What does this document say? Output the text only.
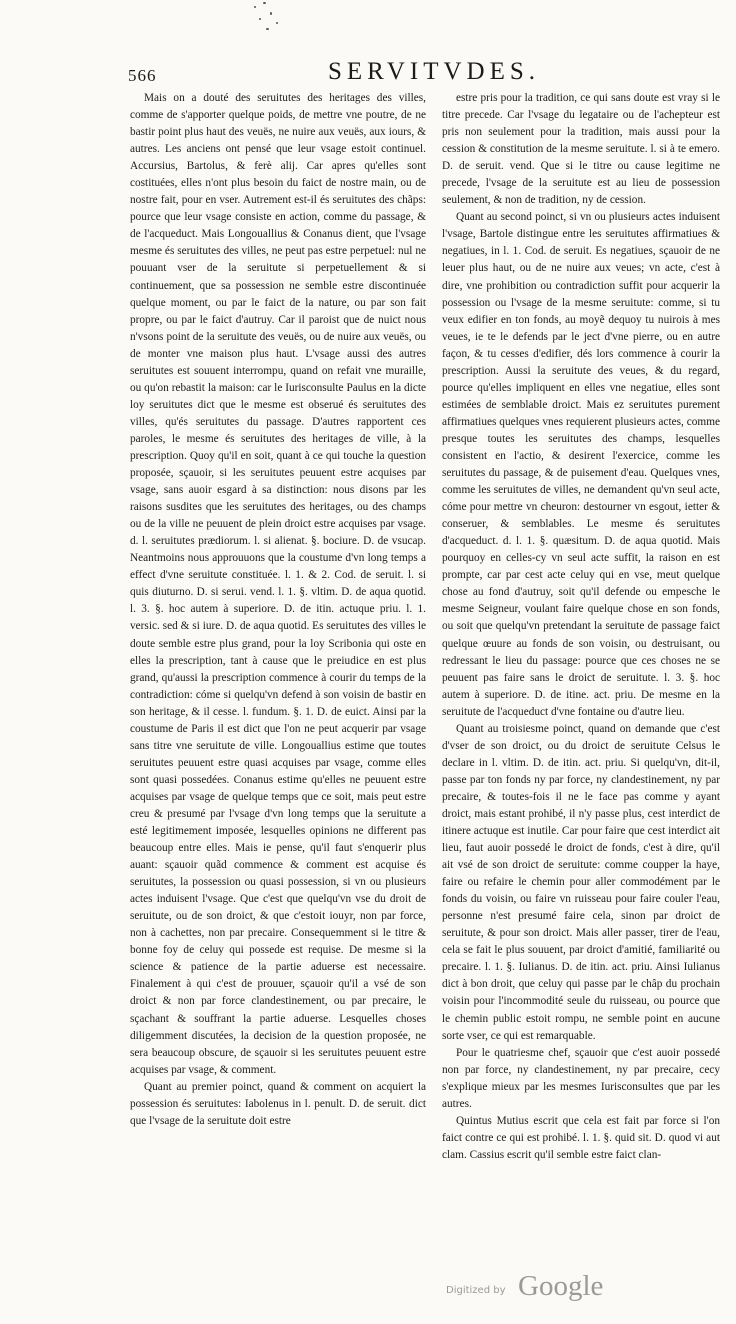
566	SERVITVDES.

Mais on a douté des seruitutes des heritages des villes, comme de s'apporter quelque poids, de mettre vne poutre, de ne bastir point plus haut des veuës, ne nuire aux veuës, aux iours, & autres. Les anciens ont pensé que leur vsage estoit continuel. Accursius, Bartolus, & ferè alij. Car apres qu'elles sont costituées, elles n'ont plus besoin du faict de nostre main, ou de nostre fait, pour en vser. Autrement est-il és seruitutes des chãps: pource que leur vsage consiste en action, comme du passage, & de l'acqueduct. Mais Longouallius & Conanus dient, que l'vsage mesme és seruitutes des villes, ne peut pas estre perpetuel: nul ne pouuant vser de la seruitute si perpetuellement & si continuement, que sa possession ne semble estre discontinuée quelque moment, ou par le faict de la nature, ou par son fait propre, ou par le faict d'autruy. Car il paroist que de nuict nous n'vsons point de la seruitute des veuës, ou de nuire aux veuës, ou de monter vne maison plus haut. L'vsage aussi des autres seruitutes est souuent interrompu, quand on refait vne muraille, ou qu'on rebastit la maison: car le Iurisconsulte Paulus en la dicte loy seruitutes dict que le mesme est obserué és seruitutes des villes, qu'és seruitutes du passage. D'autres rapportent ces paroles, le mesme és seruitutes des heritages de ville, à la prescription. Quoy qu'il en soit, quant à ce qui touche la question proposée, sçauoir, si les seruitutes peuuent estre acquises par vsage, sans auoir esgard à sa distinction: nous disons par les raisons susdites que les seruitutes des heritages, ou des champs ou de la ville ne peuuent de plein droict estre acquises par vsage. d. l. seruitutes prædiorum. l. si alienat. §. bociure. D. de vsucap. Neantmoins nous approuuons que la coustume d'vn long temps a effect d'vne seruitute constituée. l. 1. & 2. Cod. de seruit. l. si quis diuturno. D. si serui. vend. l. 1. §. vltim. D. de aqua quotid. l. 3. §. hoc autem à superiore. D. de itin. actuque priu. l. 1. versic. sed & si iure. D. de aqua quotid. Es seruitutes des villes le doute semble estre plus grand, pour la loy Scribonia qui oste en elles la prescription, tant à cause que le preiudice en est plus grand, qu'aussi la prescription commence à courir du temps de la contradiction: cóme si quelqu'vn defend à son voisin de bastir en son heritage, & il cesse. l. fundum. §. 1. D. de euict. Ainsi par la coustume de Paris il est dict que l'on ne peut acquerir par vsage sans titre vne seruitute de ville. Longouallius estime que toutes seruitutes peuuent estre quasi acquises par vsage, comme elles sont quasi possedées. Conanus estime qu'elles ne peuuent estre acquises par vsage de quelque temps que ce soit, mais peut estre creu & presumé par l'vsage d'vn long temps que la seruitute a esté legitimement imposée, lesquelles opinions ne different pas beaucoup entre elles. Mais ie pense, qu'il faut s'enquerir plus auant: sçauoir quãd commence & comment est acquise és seruitutes, la possession ou quasi possession, si vn ou plusieurs actes induisent l'vsage. Que c'est que quelqu'vn vse du droit de seruitute, ou de son droict, & que c'estoit iouyr, non par force, non à cachettes, non par precaire. Consequemment si le titre & bonne foy de celuy qui possede est requise. De mesme si la science & patience de la partie aduerse est necessaire. Finalement à qui c'est de prouuer, sçauoir qu'il a vsé de son droict & non par force clandestinement, ou par precaire, le sçachant & souffrant la partie aduerse. Lesquelles choses diligemment discutées, la decision de la question proposée, ne sera beaucoup obscure, de sçauoir si les seruitutes peuuent estre acquises par vsage, & comment.

Quant au premier poinct, quand & comment on acquiert la possession és seruitutes: Iabolenus in l. penult. D. de seruit. dict que l'vsage de la seruitute doit estre

estre pris pour la tradition, ce qui sans doute est vray si le titre precede. Car l'vsage du legataire ou de l'achepteur est pris non seulement pour la tradition, mais aussi pour la cession & constitution de la mesme seruitute. l. si à te emero. D. de seruit. vend. Que si le titre ou cause legitime ne precede, l'vsage de la seruitute est au lieu de possession seulement, & non de tradition, ny de cession.

Quant au second poinct, si vn ou plusieurs actes induisent l'vsage, Bartole distingue entre les seruitutes affirmatiues & negatiues, in l. 1. Cod. de seruit. Es negatiues, sçauoir de ne leuer plus haut, ou de ne nuire aux veues; vn acte, c'est à dire, vne prohibition ou contradiction suffit pour acquerir la possession ou l'vsage de la mesme seruitute: comme, si tu veux edifier en ton fonds, au moyẽ dequoy tu nuirois à mes veues, ie te le defends par le ject d'vne pierre, ou en autre façon, & tu cesses d'edifier, dés lors commence à courir la prescription. Aussi la seruitute des veues, & du regard, pource qu'elles impliquent en elles vne negatiue, elles sont estimées de semblable droict. Mais ez seruitutes purement affirmatiues quelques vnes requierent plusieurs actes, comme presque toutes les seruitutes des champs, lesquelles consistent en l'actio, & desirent l'exercice, comme les seruitutes du passage, & de puisement d'eau. Quelques vnes, comme les seruitutes de villes, ne demandent qu'vn seul acte, cóme pour mettre vn cheuron: destourner vn esgout, ietter & conseruer, & semblables. Le mesme és seruitutes d'acqueduct. d. l. 1. §. quæsitum. D. de aqua quotid. Mais pourquoy en celles-cy vn seul acte suffit, la raison en est prompte, car par cest acte celuy qui en vse, meut quelque chose au fond d'autruy, soit qu'il defende ou empesche le mesme Seigneur, voulant faire quelque chose en son fonds, ou soit que quelqu'vn pretendant la seruitute de passage faict quelque œuure au fonds de son voisin, ou destruisant, ou redressant le lieu du passage: pource que ces choses ne se peuuent pas faire sans le droict de seruitute. l. 3. §. hoc autem à superiore. D. de itine. act. priu. De mesme en la seruitute de l'acqueduct d'vne fontaine ou d'autre lieu.

Quant au troisiesme poinct, quand on demande que c'est d'vser de son droict, ou du droict de seruitute Celsus le declare in l. vltim. D. de itin. act. priu. Si quelqu'vn, dit-il, passe par ton fonds ny par force, ny clandestinement, ny par precaire, & toutes-fois il ne le face pas comme y ayant droict, mais estant prohibé, il n'y passe plus, cest interdict de itinere actuque est inutile. Car pour faire que cest interdict ait lieu, faut auoir possedé le droict de fonds, c'est à dire, qu'il ait vsé de son droict de seruitute: comme coupper la haye, faire ou refaire le chemin pour aller commodément par le fonds du voisin, ou faire vn ruisseau pour faire couler l'eau, personne n'est presumé faire cela, sinon par droict de seruitute, & pour son droict. Mais aller passer, tirer de l'eau, cela se fait le plus souuent, par droict d'amitié, familiarité ou precaire. l. 1. §. Iulianus. D. de itin. act. priu. Ainsi Iulianus dict à bon droit, que celuy qui passe par le châp du prochain voisin pour l'incommodité seule du ruisseau, ou pource que le chemin public estoit rompu, ne semble point en aucune sorte vser, ce qui est remarquable.

Pour le quatriesme chef, sçauoir que c'est auoir possedé non par force, ny clandestinement, ny par precaire, cecy s'explique mieux par les mesmes Iurisconsultes que par les autres.

Quintus Mutius escrit que cela est fait par force si l'on faict contre ce qui est prohibé. l. 1. §. quid sit. D. quod vi aut clam. Cassius escrit qu'il semble estre faict clan-

Digitized by Google
